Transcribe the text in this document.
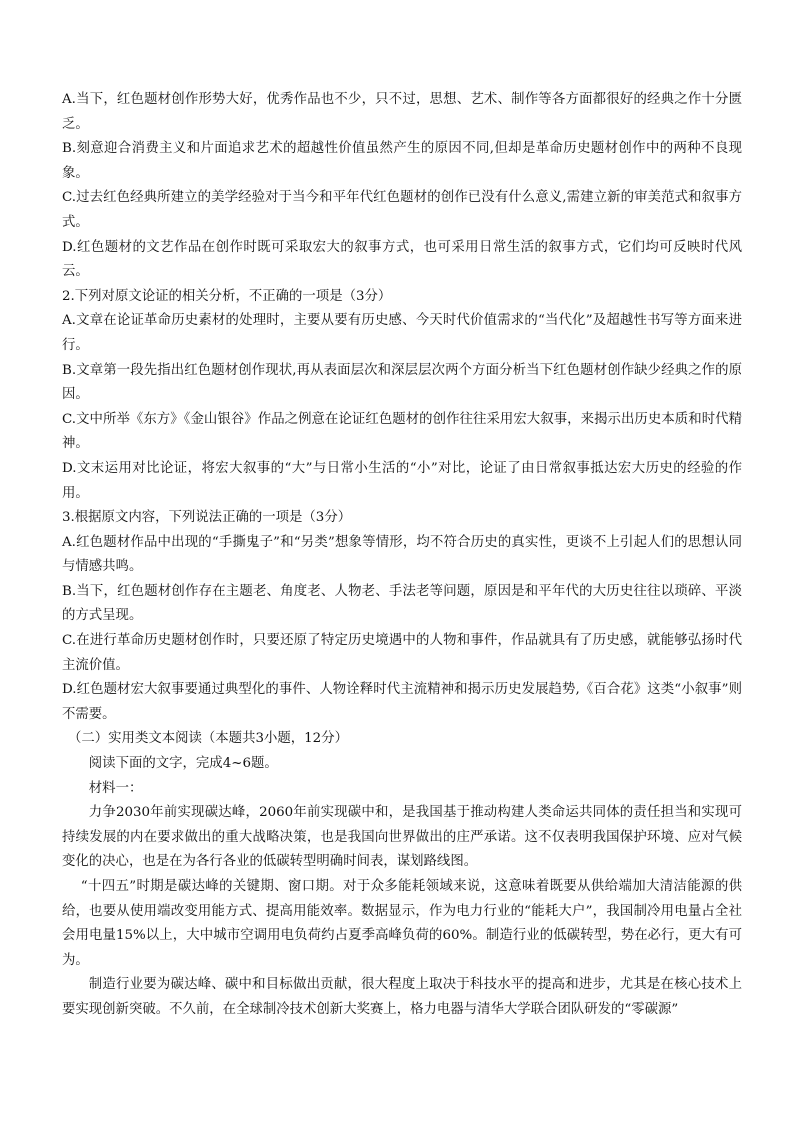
A.当下，红色题材创作形势大好，优秀作品也不少，只不过，思想、艺术、制作等各方面都很好的经典之作十分匮乏。

B.刻意迎合消费主义和片面追求艺术的超越性价值虽然产生的原因不同,但却是革命历史题材创作中的两种不良现象。

C.过去红色经典所建立的美学经验对于当今和平年代红色题材的创作已没有什么意义,需建立新的审美范式和叙事方式。

D.红色题材的文艺作品在创作时既可采取宏大的叙事方式，也可采用日常生活的叙事方式，它们均可反映时代风云。

2.下列对原文论证的相关分析，不正确的一项是（3分）

A.文章在论证革命历史素材的处理时，主要从要有历史感、今天时代价值需求的“当代化”及超越性书写等方面来进行。

B.文章第一段先指出红色题材创作现状,再从表面层次和深层层次两个方面分析当下红色题材创作缺少经典之作的原因。

C.文中所举《东方》《金山银谷》作品之例意在论证红色题材的创作往往采用宏大叙事，来揭示出历史本质和时代精神。

D.文末运用对比论证，将宏大叙事的“大”与日常小生活的“小”对比，论证了由日常叙事抵达宏大历史的经验的作用。

3.根据原文内容，下列说法正确的一项是（3分）

A.红色题材作品中出现的“手撕鬼子”和“另类”想象等情形，均不符合历史的真实性，更谈不上引起人们的思想认同与情感共鸣。

B.当下，红色题材创作存在主题老、角度老、人物老、手法老等问题，原因是和平年代的大历史往往以琐碎、平淡的方式呈现。

C.在进行革命历史题材创作时，只要还原了特定历史境遇中的人物和事件，作品就具有了历史感，就能够弘扬时代主流价值。

D.红色题材宏大叙事要通过典型化的事件、人物诠释时代主流精神和揭示历史发展趋势,《百合花》这类“小叙事”则不需要。

（二）实用类文本阅读（本题共3小题，12分）

阅读下面的文字，完成4~6题。

材料一：

力争2030年前实现碳达峰，2060年前实现碳中和，是我国基于推动构建人类命运共同体的责任担当和实现可持续发展的内在要求做出的重大战略决策，也是我国向世界做出的庄严承诺。这不仅表明我国保护环境、应对气候变化的决心，也是在为各行各业的低碳转型明确时间表，谋划路线图。

“十四五”时期是碳达峰的关键期、窗口期。对于众多能耗领域来说，这意味着既要从供给端加大清洁能源的供给，也要从使用端改变用能方式、提高用能效率。数据显示，作为电力行业的“能耗大户”，我国制冷用电量占全社会用电量15%以上，大中城市空调用电负荷约占夏季高峰负荷的60%。制造行业的低碳转型，势在必行，更大有可为。

制造行业要为碳达峰、碳中和目标做出贡献，很大程度上取决于科技水平的提高和进步，尤其是在核心技术上要实现创新突破。不久前，在全球制冷技术创新大奖赛上，格力电器与清华大学联合团队研发的“零碳源”
